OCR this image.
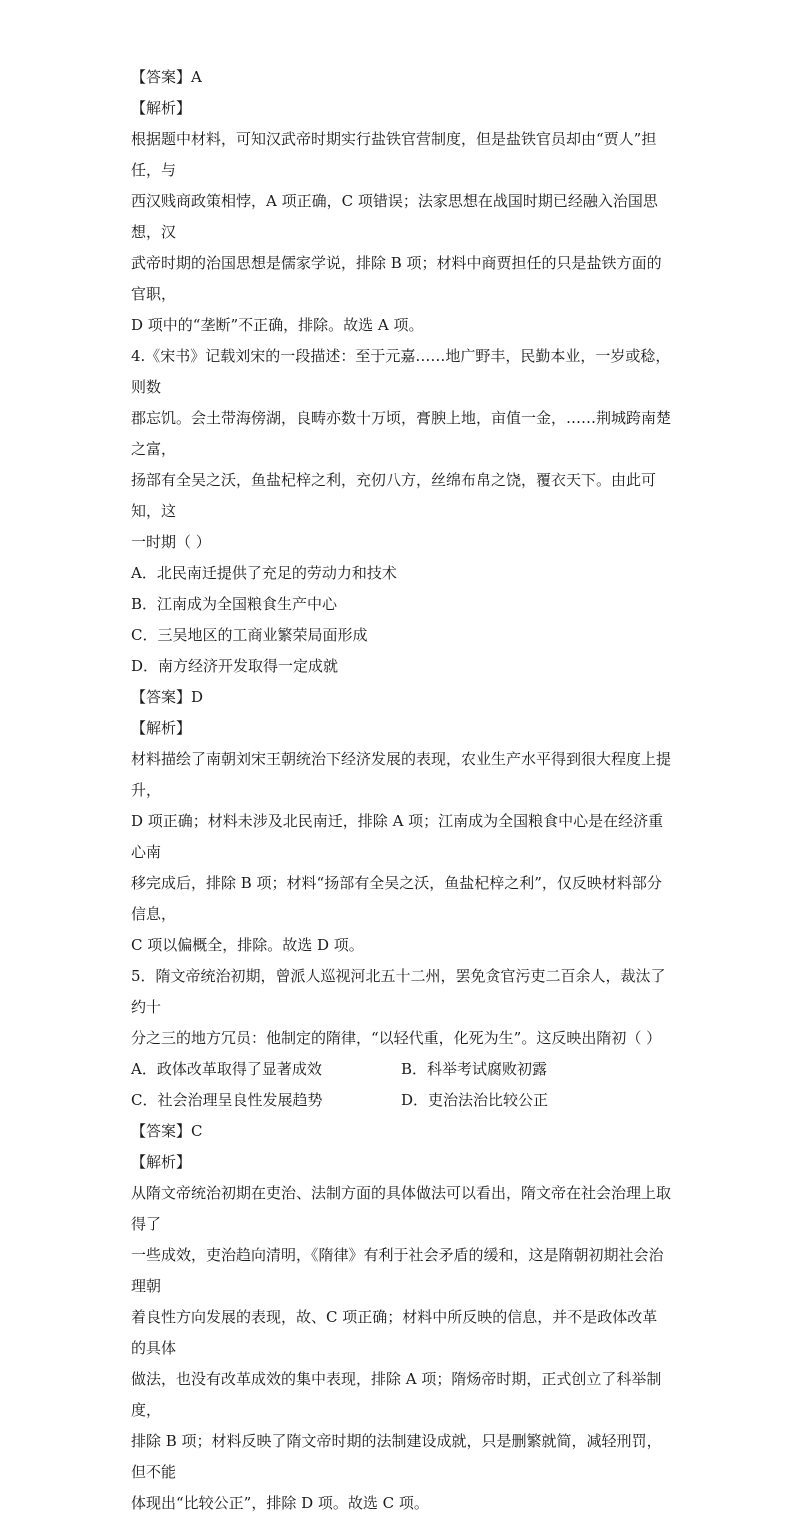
【答案】A

【解析】

根据题中材料，可知汉武帝时期实行盐铁官营制度，但是盐铁官员却由“贾人”担任，与

西汉贱商政策相悖，A 项正确，C 项错误；法家思想在战国时期已经融入治国思想，汉

武帝时期的治国思想是儒家学说，排除 B 项；材料中商贾担任的只是盐铁方面的官职，

D 项中的“垄断”不正确，排除。故选 A 项。

4.《宋书》记载刘宋的一段描述：至于元嘉……地广野丰，民勤本业，一岁或稔，则数

郡忘饥。会土带海傍湖，良畴亦数十万顷，膏腴上地，亩值一金，……荆城跨南楚之富，

扬部有全吴之沃，鱼盐杞梓之利，充仞八方，丝绵布帛之饶，覆衣天下。由此可知，这

一时期（ ）

A．北民南迁提供了充足的劳动力和技术

B．江南成为全国粮食生产中心

C．三吴地区的工商业繁荣局面形成

D．南方经济开发取得一定成就

【答案】D

【解析】

材料描绘了南朝刘宋王朝统治下经济发展的表现，农业生产水平得到很大程度上提升，

D 项正确；材料未涉及北民南迁，排除 A 项；江南成为全国粮食中心是在经济重心南

移完成后，排除 B 项；材料“扬部有全吴之沃，鱼盐杞梓之利”，仅反映材料部分信息，

C 项以偏概全，排除。故选 D 项。

5．隋文帝统治初期，曾派人巡视河北五十二州，罢免贪官污吏二百余人，裁汰了约十

分之三的地方冗员：他制定的隋律，“以轻代重，化死为生”。这反映出隋初（ ）

A．政体改革取得了显著成效	B．科举考试腐败初露
C．社会治理呈良性发展趋势	D．吏治法治比较公正

【答案】C

【解析】

从隋文帝统治初期在吏治、法制方面的具体做法可以看出，隋文帝在社会治理上取得了

一些成效，吏治趋向清明，《隋律》有利于社会矛盾的缓和，这是隋朝初期社会治理朝

着良性方向发展的表现，故、C 项正确；材料中所反映的信息，并不是政体改革的具体

做法，也没有改革成效的集中表现，排除 A 项；隋炀帝时期，正式创立了科举制度，

排除 B 项；材料反映了隋文帝时期的法制建设成就，只是删繁就简，减轻刑罚，但不能

体现出“比较公正”，排除 D 项。故选 C 项。
